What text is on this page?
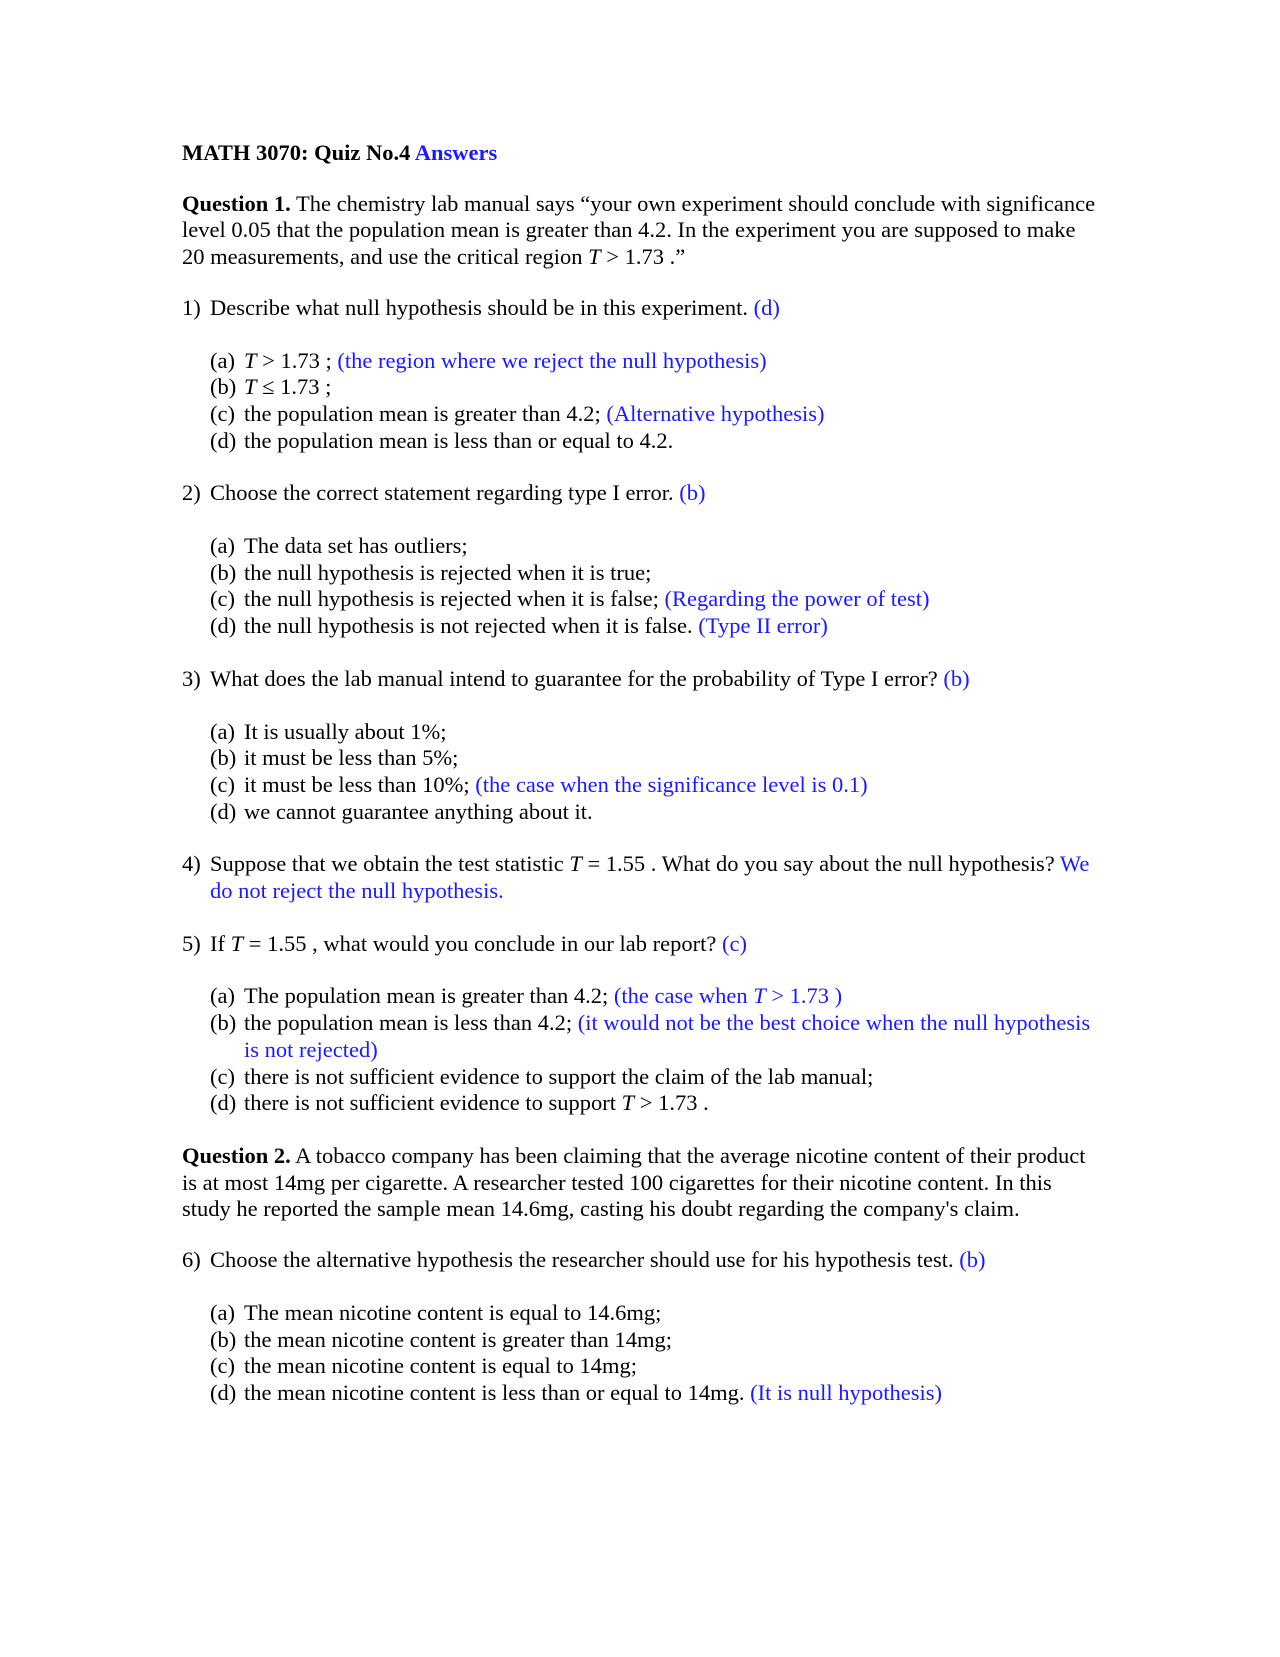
MATH 3070: Quiz No.4 Answers
Question 1. The chemistry lab manual says “your own experiment should conclude with significance level 0.05 that the population mean is greater than 4.2. In the experiment you are supposed to make 20 measurements, and use the critical region T > 1.73 .”
1) Describe what null hypothesis should be in this experiment. (d)
(a) T > 1.73 ; (the region where we reject the null hypothesis)
(b) T ≤ 1.73 ;
(c) the population mean is greater than 4.2; (Alternative hypothesis)
(d) the population mean is less than or equal to 4.2.
2) Choose the correct statement regarding type I error. (b)
(a) The data set has outliers;
(b) the null hypothesis is rejected when it is true;
(c) the null hypothesis is rejected when it is false; (Regarding the power of test)
(d) the null hypothesis is not rejected when it is false. (Type II error)
3) What does the lab manual intend to guarantee for the probability of Type I error? (b)
(a) It is usually about 1%;
(b) it must be less than 5%;
(c) it must be less than 10%; (the case when the significance level is 0.1)
(d) we cannot guarantee anything about it.
4) Suppose that we obtain the test statistic T = 1.55 . What do you say about the null hypothesis? We do not reject the null hypothesis.
5) If T = 1.55 , what would you conclude in our lab report? (c)
(a) The population mean is greater than 4.2; (the case when T > 1.73 )
(b) the population mean is less than 4.2; (it would not be the best choice when the null hypothesis is not rejected)
(c) there is not sufficient evidence to support the claim of the lab manual;
(d) there is not sufficient evidence to support T > 1.73 .
Question 2. A tobacco company has been claiming that the average nicotine content of their product is at most 14mg per cigarette. A researcher tested 100 cigarettes for their nicotine content. In this study he reported the sample mean 14.6mg, casting his doubt regarding the company's claim.
6) Choose the alternative hypothesis the researcher should use for his hypothesis test. (b)
(a) The mean nicotine content is equal to 14.6mg;
(b) the mean nicotine content is greater than 14mg;
(c) the mean nicotine content is equal to 14mg;
(d) the mean nicotine content is less than or equal to 14mg. (It is null hypothesis)
